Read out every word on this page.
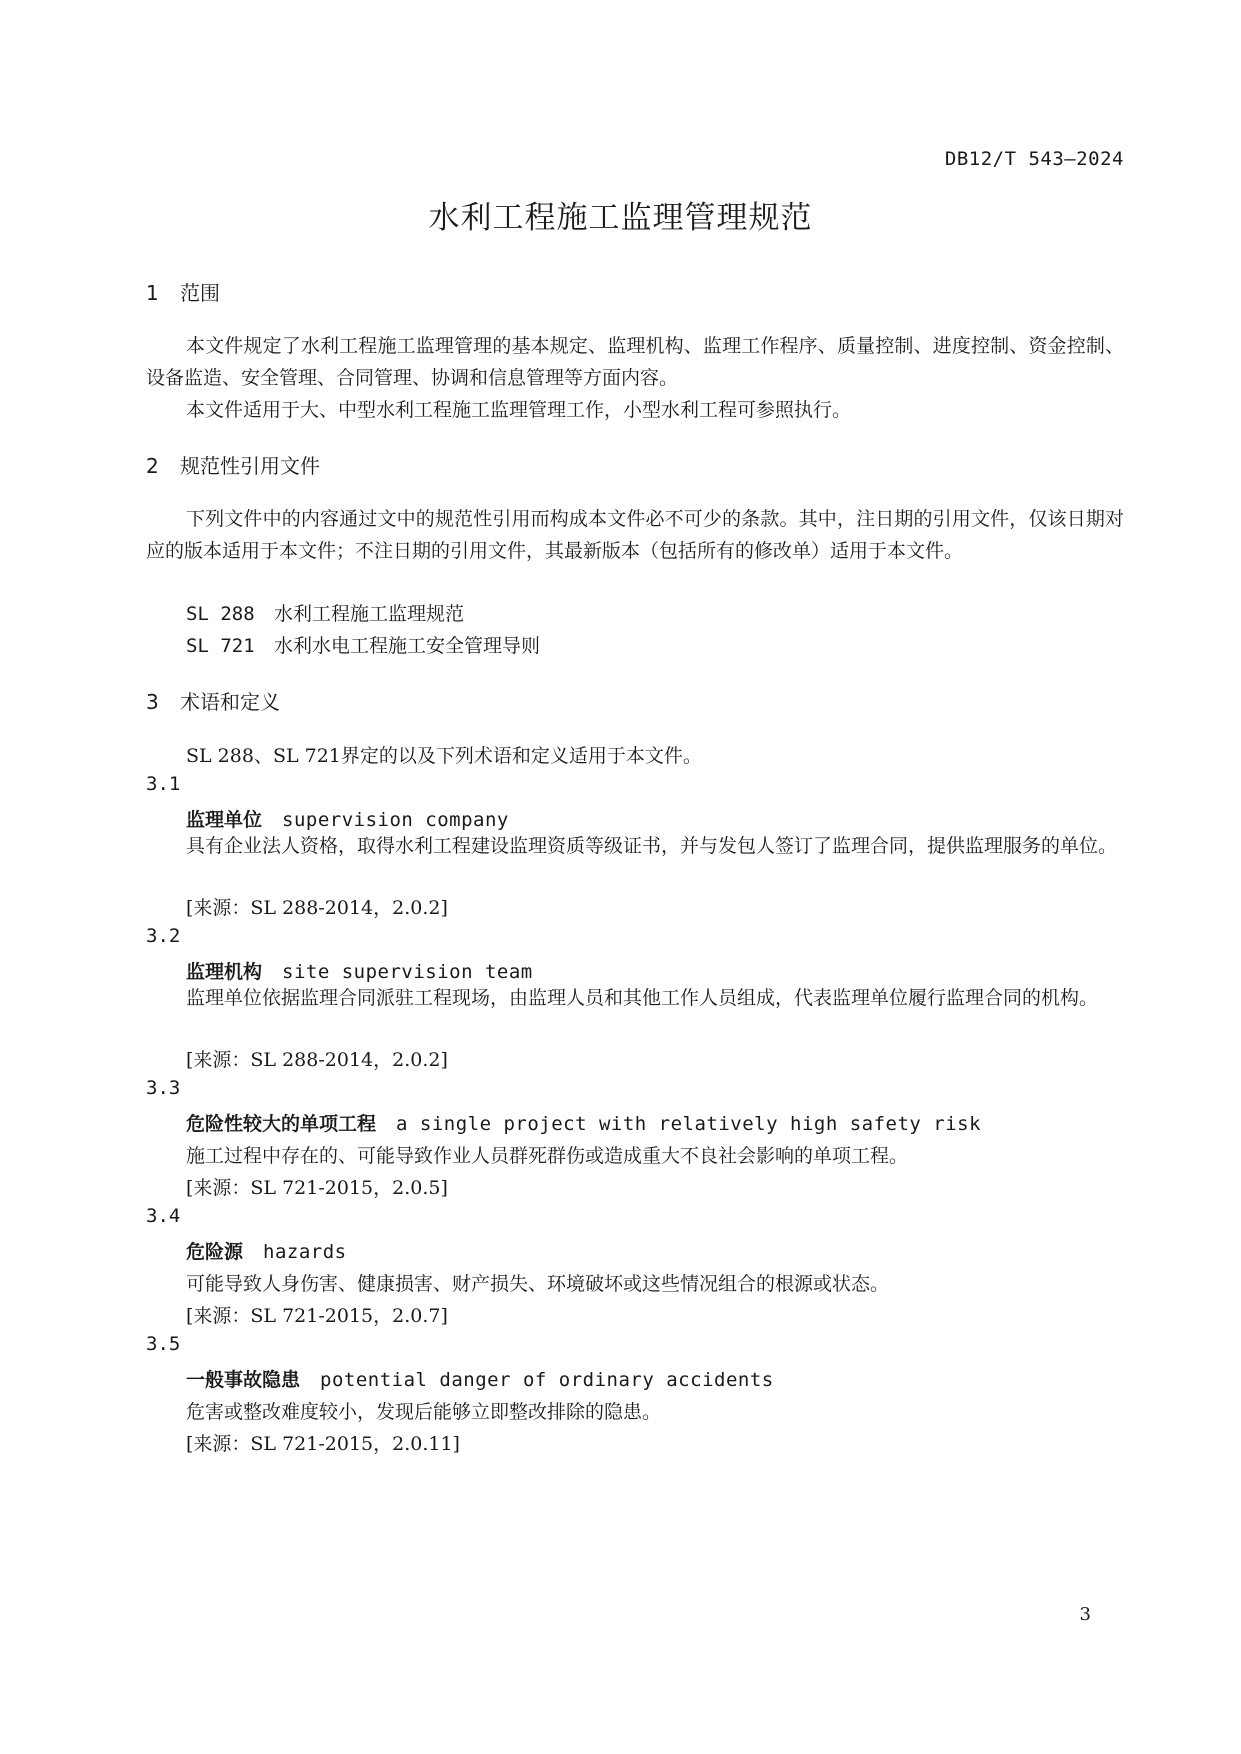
DB12/T 543—2024
水利工程施工监理管理规范
1 范围
本文件规定了水利工程施工监理管理的基本规定、监理机构、监理工作程序、质量控制、进度控制、资金控制、设备监造、安全管理、合同管理、协调和信息管理等方面内容。
本文件适用于大、中型水利工程施工监理管理工作，小型水利工程可参照执行。
2 规范性引用文件
下列文件中的内容通过文中的规范性引用而构成本文件必不可少的条款。其中，注日期的引用文件，仅该日期对应的版本适用于本文件；不注日期的引用文件，其最新版本（包括所有的修改单）适用于本文件。
SL 288 水利工程施工监理规范
SL 721 水利水电工程施工安全管理导则
3 术语和定义
SL 288、SL 721界定的以及下列术语和定义适用于本文件。
3.1
监理单位 supervision company
具有企业法人资格，取得水利工程建设监理资质等级证书，并与发包人签订了监理合同，提供监理服务的单位。
[来源：SL 288-2014，2.0.2]
3.2
监理机构 site supervision team
监理单位依据监理合同派驻工程现场，由监理人员和其他工作人员组成，代表监理单位履行监理合同的机构。
[来源：SL 288-2014，2.0.2]
3.3
危险性较大的单项工程 a single project with relatively high safety risk
施工过程中存在的、可能导致作业人员群死群伤或造成重大不良社会影响的单项工程。
[来源：SL 721-2015，2.0.5]
3.4
危险源 hazards
可能导致人身伤害、健康损害、财产损失、环境破坏或这些情况组合的根源或状态。
[来源：SL 721-2015，2.0.7]
3.5
一般事故隐患 potential danger of ordinary accidents
危害或整改难度较小，发现后能够立即整改排除的隐患。
[来源：SL 721-2015，2.0.11]
3
